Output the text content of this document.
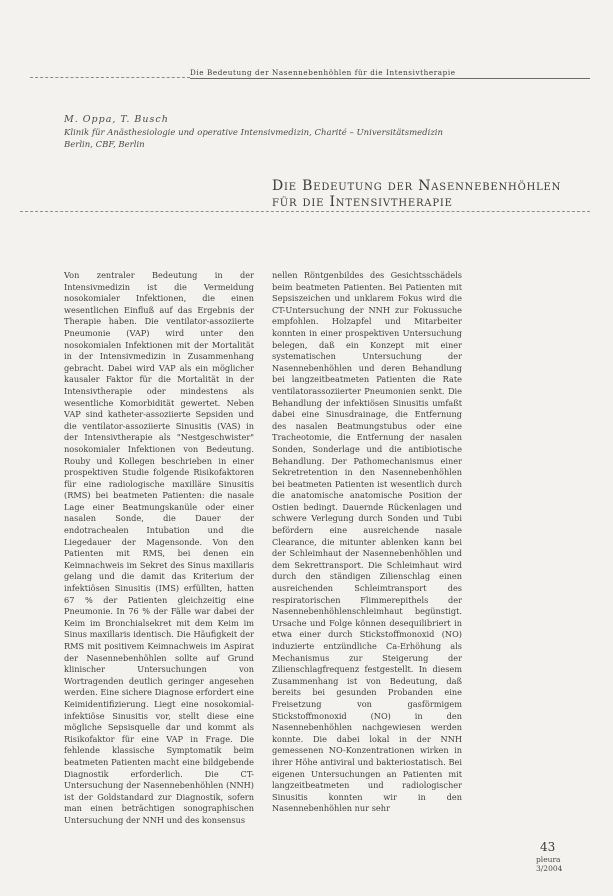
Die Bedeutung der Nasennebenhöhlen für die Intensivtherapie
M. Oppa, T. Busch
Klinik für Anästhesiologie und operative Intensivmedizin, Charité – Universitätsmedizin Berlin, CBF, Berlin
Die Bedeutung der Nasennebenhöhlen
für die Intensivtherapie

Von zentraler Bedeutung in der Intensivmedizin ist die Vermeidung nosokomialer Infektionen, die einen wesentlichen Einfluß auf das Ergebnis der Therapie haben. Die ventilator-assoziierte Pneumonie (VAP) wird unter den nosokomialen Infektionen mit der Mortalität in der Intensivmedizin in Zusammenhang gebracht. Dabei wird VAP als ein möglicher kausaler Faktor für die Mortalität in der Intensivtherapie oder mindestens als wesentliche Komorbidität gewertet. Neben VAP sind katheter-assoziierte Sepsiden und die ventilator-assoziierte Sinusitis (VAS) in der Intensivtherapie als "Nestgeschwister" nosokomialer Infektionen von Bedeutung. Rouby und Kollegen beschrieben in einer prospektiven Studie folgende Risikofaktoren für eine radiologische maxilläre Sinusitis (RMS) bei beatmeten Patienten: die nasale Lage einer Beatmungskanüle oder einer nasalen Sonde, die Dauer der endotrachealen Intubation und die Liegedauer der Magensonde. Von den Patienten mit RMS, bei denen ein Keimnachweis im Sekret des Sinus maxillaris gelang und die damit das Kriterium der infektiösen Sinusitis (IMS) erfüllten, hatten 67 % der Patienten gleichzeitig eine Pneumonie. In 76 % der Fälle war dabei der Keim im Bronchialsekret mit dem Keim im Sinus maxillaris identisch. Die Häufigkeit der RMS mit positivem Keimnachweis im Aspirat der Nasennebenhöhlen sollte auf Grund klinischer Untersuchungen von Wortragenden deutlich geringer angesehen werden. Eine sichere Diagnose erfordert eine Keimidentifizierung. Liegt eine nosokomial-infektiöse Sinusitis vor, stellt diese eine mögliche Sepsisquelle dar und kommt als Risikofaktor für eine VAP in Frage. Die fehlende klassische Symptomatik beim beatmeten Patienten macht eine bildgebende Diagnostik erforderlich. Die CT-Untersuchung der Nasennebenhöhlen (NNH) ist der Goldstandard zur Diagnostik, sofern man einen beträchtigen sonographischen Untersuchung der NNH und des konsensus

nellen Röntgenbildes des Gesichtsschädels beim beatmeten Patienten. Bei Patienten mit Sepsiszeichen und unklarem Fokus wird die CT-Untersuchung der NNH zur Fokussuche empfohlen. Holzapfel und Mitarbeiter konnten in einer prospektiven Untersuchung belegen, daß ein Konzept mit einer systematischen Untersuchung der Nasennebenhöhlen und deren Behandlung bei langzeitbeatmeten Patienten die Rate ventilatorassoziierter Pneumonien senkt. Die Behandlung der infektiösen Sinusitis umfaßt dabei eine Sinusdrainage, die Entfernung des nasalen Beatmungstubus oder eine Tracheotomie, die Entfernung der nasalen Sonden, Sonderlage und die antibiotische Behandlung. Der Pathomechanismus einer Sekretretention in den Nasennebenhöhlen bei beatmeten Patienten ist wesentlich durch die anatomische anatomische Position der Ostien bedingt. Dauernde Rückenlagen und schwere Verlegung durch Sonden und Tubi befördern eine ausreichende nasale Clearance, die mitunter ablenken kann bei der Schleimhaut der Nasennebenhöhlen und dem Sekrettransport. Die Schleimhaut wird durch den ständigen Zilienschlag einen ausreichenden Schleimtransport des respiratorischen Flimmerepithels der Nasennebenhöhlenschleimhaut begünstigt. Ursache und Folge können desequilibriert in etwa einer durch Stickstoffmonoxid (NO) induzierte entzündliche Ca-Erhöhung als Mechanismus zur Steigerung der Zilienschlagfrequenz festgestellt. In diesem Zusammenhang ist von Bedeutung, daß bereits bei gesunden Probanden eine Freisetzung von gasförmigem Stickstoffmonoxid (NO) in den Nasennebenhöhlen nachgewiesen werden konnte. Die dabei lokal in der NNH gemessenen NO-Konzentrationen wirken in ihrer Höhe antiviral und bakteriostatisch. Bei eigenen Untersuchungen an Patienten mit langzeitbeatmeten und radiologischer Sinusitis konnten wir in den Nasennebenhöhlen nur sehr

43
pleura
3/2004
